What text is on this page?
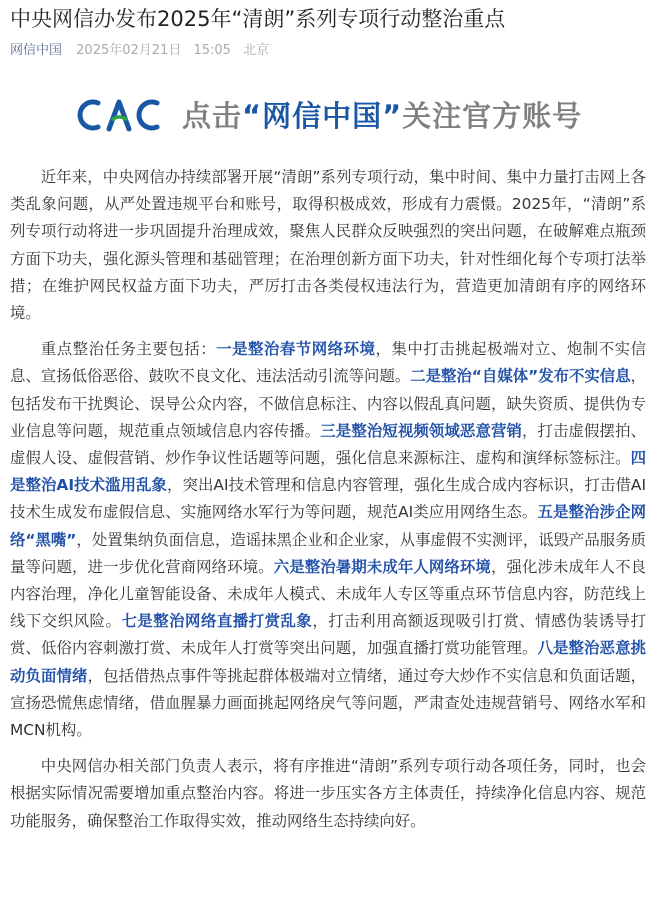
中央网信办发布2025年“清朗”系列专项行动整治重点
网信中国 2025年02月21日 15:05 北京
CAC 点击“网信中国”关注官方账号

近年来，中央网信办持续部署开展“清朗”系列专项行动，集中时间、集中力量打击网上各类乱象问题，从严处置违规平台和账号，取得积极成效，形成有力震慑。2025年，“清朗”系列专项行动将进一步巩固提升治理成效，聚焦人民群众反映强烈的突出问题，在破解难点瓶颈方面下功夫，强化源头管理和基础管理；在治理创新方面下功夫，针对性细化每个专项打法举措；在维护网民权益方面下功夫，严厉打击各类侵权违法行为，营造更加清朗有序的网络环境。

重点整治任务主要包括：一是整治春节网络环境，集中打击挑起极端对立、炮制不实信息、宣扬低俗恶俗、鼓吹不良文化、违法活动引流等问题。二是整治“自媒体”发布不实信息，包括发布干扰舆论、误导公众内容，不做信息标注、内容以假乱真问题，缺失资质、提供伪专业信息等问题，规范重点领域信息内容传播。三是整治短视频领域恶意营销，打击虚假摆拍、虚假人设、虚假营销、炒作争议性话题等问题，强化信息来源标注、虚构和演绎标签标注。四是整治AI技术滥用乱象，突出AI技术管理和信息内容管理，强化生成合成内容标识，打击借AI技术生成发布虚假信息、实施网络水军行为等问题，规范AI类应用网络生态。五是整治涉企网络“黑嘴”，处置集纳负面信息，造谣抹黑企业和企业家，从事虚假不实测评，诋毁产品服务质量等问题，进一步优化营商网络环境。六是整治暑期未成年人网络环境，强化涉未成年人不良内容治理，净化儿童智能设备、未成年人模式、未成年人专区等重点环节信息内容，防范线上线下交织风险。七是整治网络直播打赏乱象，打击利用高额返现吸引打赏、情感伪装诱导打赏、低俗内容刺激打赏、未成年人打赏等突出问题，加强直播打赏功能管理。八是整治恶意挑动负面情绪，包括借热点事件等挑起群体极端对立情绪，通过夸大炒作不实信息和负面话题，宣扬恐慌焦虑情绪，借血腥暴力画面挑起网络戾气等问题，严肃查处违规营销号、网络水军和MCN机构。

中央网信办相关部门负责人表示，将有序推进“清朗”系列专项行动各项任务，同时，也会根据实际情况需要增加重点整治内容。将进一步压实各方主体责任，持续净化信息内容、规范功能服务，确保整治工作取得实效，推动网络生态持续向好。
